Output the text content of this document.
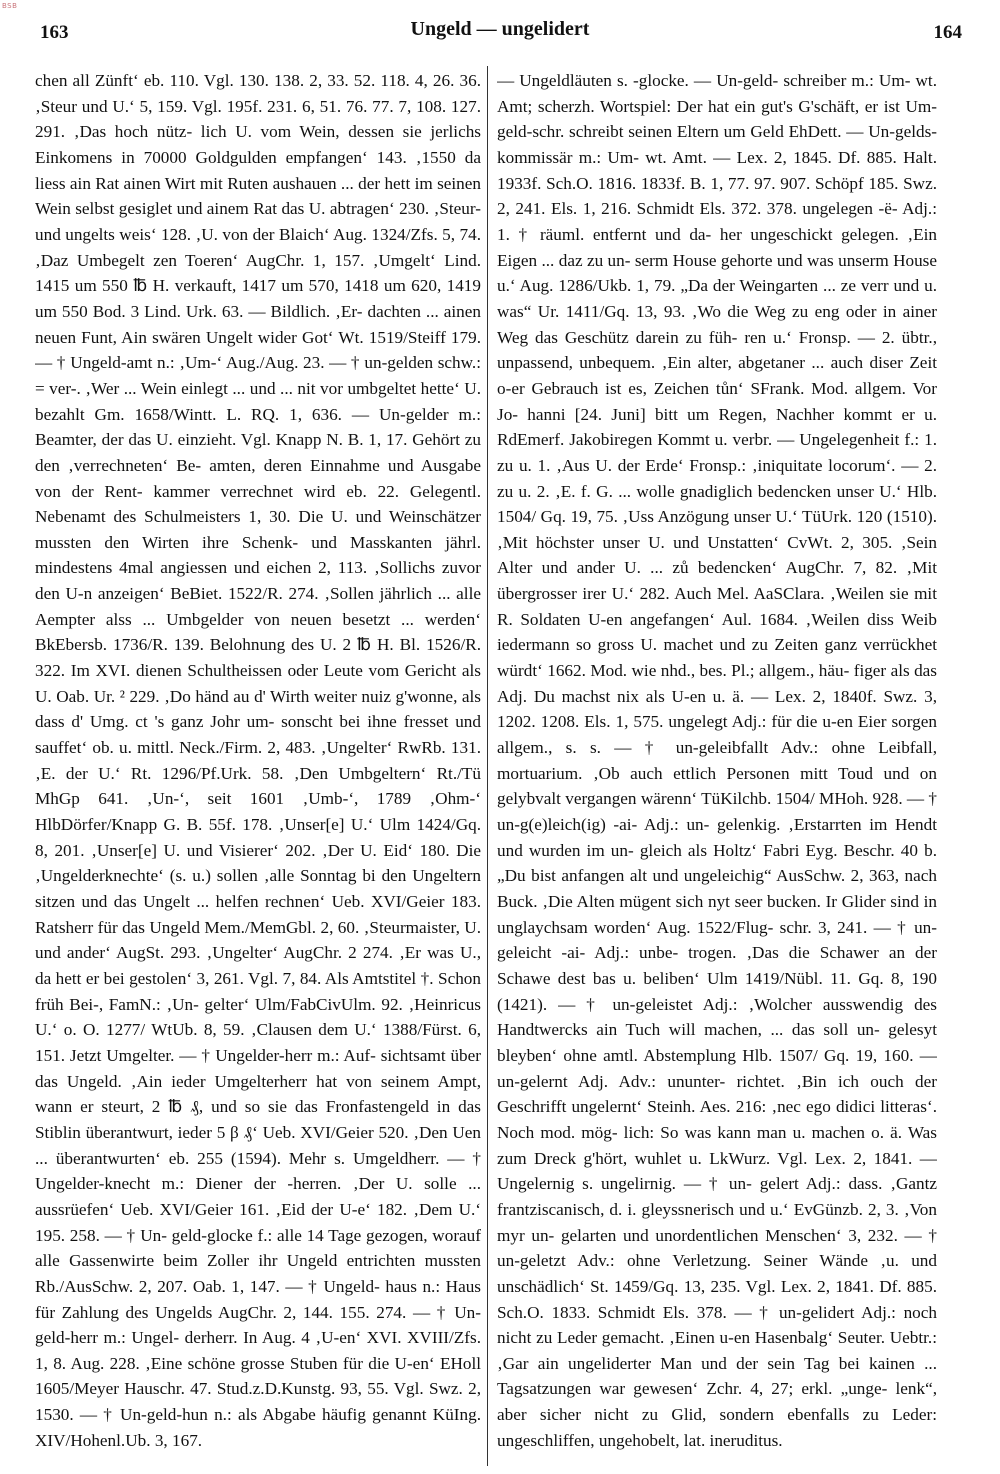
BSB
163	Ungeld — ungelidert	164

chen all Zünft‘ eb. 110. Vgl. 130. 138. 2, 33. 52. 118. 4, 26. 36. ‚Steur und U.‘ 5, 159. Vgl. 195f. 231. 6, 51. 76. 77. 7, 108. 127. 291. ‚Das hoch nütz- lich U. vom Wein, dessen sie jerlichs Einkomens in 70000 Goldgulden empfangen‘ 143. ‚1550 da liess ain Rat ainen Wirt mit Ruten aushauen ... der hett im seinen Wein selbst gesiglet und ainem Rat das U. abtragen‘ 230. ‚Steur- und ungelts weis‘ 128. ‚U. von der Blaich‘ Aug. 1324/Zfs. 5, 74. ‚Daz Umbegelt zen Toeren‘ AugChr. 1, 157. ‚Umgelt‘ Lind. 1415 um 550 ℔ H. verkauft, 1417 um 570, 1418 um 620, 1419 um 550 Bod. 3 Lind. Urk. 63. — Bildlich. ‚Er- dachten ... ainen neuen Funt, Ain swären Ungelt wider Got‘ Wt. 1519/Steiff 179. — † Ungeld-amt n.: ‚Um-‘ Aug./Aug. 23. — † un-gelden schw.: = ver-. ‚Wer ... Wein einlegt ... und ... nit vor umbgeltet hette‘ U. bezahlt Gm. 1658/Wintt. L. RQ. 1, 636. — Un-gelder m.: Beamter, der das U. einzieht. Vgl. Knapp N. B. 1, 17. Gehört zu den ‚verrechneten‘ Be- amten, deren Einnahme und Ausgabe von der Rent- kammer verrechnet wird eb. 22. Gelegentl. Nebenamt des Schulmeisters 1, 30. Die U. und Weinschätzer mussten den Wirten ihre Schenk- und Masskanten jährl. mindestens 4mal angiessen und eichen 2, 113. ‚Sollichs zuvor den U-n anzeigen‘ BeBiet. 1522/R. 274. ‚Sollen jährlich ... alle Aempter alss ... Umbgelder von neuen besetzt ... werden‘ BkEbersb. 1736/R. 139. Belohnung des U. 2 ℔ H. Bl. 1526/R. 322. Im XVI. dienen Schultheissen oder Leute vom Gericht als U. Oab. Ur. ² 229. ‚Do händ au d' Wirth weiter nuiz g'wonne, als dass d' Umg. ct 's ganz Johr um- sonscht bei ihne fresset und sauffet‘ ob. u. mittl. Neck./Firm. 2, 483. ‚Ungelter‘ RwRb. 131. ‚E. der U.‘ Rt. 1296/Pf.Urk. 58. ‚Den Umbgeltern‘ Rt./Tü MhGp 641. ‚Un-‘, seit 1601 ‚Umb-‘, 1789 ‚Ohm-‘ HlbDörfer/Knapp G. B. 55f. 178. ‚Unser[e] U.‘ Ulm 1424/Gq. 8, 201. ‚Unser[e] U. und Visierer‘ 202. ‚Der U. Eid‘ 180. Die ‚Ungelderknechte‘ (s. u.) sollen ‚alle Sonntag bi den Ungeltern sitzen und das Ungelt ... helfen rechnen‘ Ueb. XVI/Geier 183. Ratsherr für das Ungeld Mem./MemGbl. 2, 60. ‚Steurmaister, U. und ander‘ AugSt. 293. ‚Ungelter‘ AugChr. 2 274. ‚Er was U., da hett er bei gestolen‘ 3, 261. Vgl. 7, 84. Als Amtstitel †. Schon früh Bei-, FamN.: ‚Un- gelter‘ Ulm/FabCivUlm. 92. ‚Heinricus U.‘ o. O. 1277/ WtUb. 8, 59. ‚Clausen dem U.‘ 1388/Fürst. 6, 151. Jetzt Umgelter. — † Ungelder-herr m.: Auf- sichtsamt über das Ungeld. ‚Ain ieder Umgelterherr hat von seinem Ampt, wann er steurt, 2 ℔ ₰, und so sie das Fronfastengeld in das Stiblin überantwurt, ieder 5 β ₰‘ Ueb. XVI/Geier 520. ‚Den Uen ... überantwurten‘ eb. 255 (1594). Mehr s. Umgeldherr. — † Ungelder-knecht m.: Diener der -herren. ‚Der U. solle ... aussrüefen‘ Ueb. XVI/Geier 161. ‚Eid der U-e‘ 182. ‚Dem U.‘ 195. 258. — † Un- geld-glocke f.: alle 14 Tage gezogen, worauf alle Gassenwirte beim Zoller ihr Ungeld entrichten mussten Rb./AusSchw. 2, 207. Oab. 1, 147. — † Ungeld- haus n.: Haus für Zahlung des Ungelds AugChr. 2, 144. 155. 274. — † Un-geld-herr m.: Ungel- derherr. In Aug. 4 ‚U-en‘ XVI. XVIII/Zfs. 1, 8. Aug. 228. ‚Eine schöne grosse Stuben für die U-en‘ EHoll 1605/Meyer Hauschr. 47. Stud.z.D.Kunstg. 93, 55. Vgl. Swz. 2, 1530. — † Un-geld-hun n.: als Abgabe häufig genannt KüIng. XIV/Hohenl.Ub. 3, 167.

— Ungeldläuten s. -glocke. — Un-geld- schreiber m.: Um- wt. Amt; scherzh. Wortspiel: Der hat ein gut's G'schäft, er ist Um-geld-schr. schreibt seinen Eltern um Geld EhDett. — Un-gelds- kommissär m.: Um- wt. Amt. — Lex. 2, 1845. Df. 885. Halt. 1933f. Sch.O. 1816. 1833f. B. 1, 77. 97. 907. Schöpf 185. Swz. 2, 241. Els. 1, 216. Schmidt Els. 372. 378. ungelegen -ë- Adj.: 1. † räuml. entfernt und da- her ungeschickt gelegen. ‚Ein Eigen ... daz zu un- serm House gehorte und was unserm House u.‘ Aug. 1286/Ukb. 1, 79. „Da der Weingarten ... ze verr und u. was“ Ur. 1411/Gq. 13, 93. ‚Wo die Weg zu eng oder in ainer Weg das Geschütz darein zu füh- ren u.‘ Fronsp. — 2. übtr., unpassend, unbequem. ‚Ein alter, abgetaner ... auch diser Zeit o-er Gebrauch ist es, Zeichen tůn‘ SFrank. Mod. allgem. Vor Jo- hanni [24. Juni] bitt um Regen, Nachher kommt er u. RdEmerf. Jakobiregen Kommt u. verbr. — Ungelegenheit f.: 1. zu u. 1. ‚Aus U. der Erde‘ Fronsp.: ‚iniquitate locorum‘. — 2. zu u. 2. ‚E. f. G. ... wolle gnadiglich bedencken unser U.‘ Hlb. 1504/ Gq. 19, 75. ‚Uss Anzögung unser U.‘ TüUrk. 120 (1510). ‚Mit höchster unser U. und Unstatten‘ CvWt. 2, 305. ‚Sein Alter und ander U. ... zů bedencken‘ AugChr. 7, 82. ‚Mit übergrosser irer U.‘ 282. Auch Mel. AaSClara. ‚Weilen sie mit R. Soldaten U-en angefangen‘ Aul. 1684. ‚Weilen diss Weib iedermann so gross U. machet und zu Zeiten ganz verrückhet würdt‘ 1662. Mod. wie nhd., bes. Pl.; allgem., häu- figer als das Adj. Du machst nix als U-en u. ä. — Lex. 2, 1840f. Swz. 3, 1202. 1208. Els. 1, 575. ungelegt Adj.: für die u-en Eier sorgen allgem., s. s. — † un-geleibfallt Adv.: ohne Leibfall, mortuarium. ‚Ob auch ettlich Personen mitt Toud und on gelybvalt vergangen wärenn‘ TüKilchb. 1504/ MHoh. 928. — † un-g(e)leich(ig) -ai- Adj.: un- gelenkig. ‚Erstarrten im Hendt und wurden im un- gleich als Holtz‘ Fabri Eyg. Beschr. 40 b. „Du bist anfangen alt und ungeleichig“ AusSchw. 2, 363, nach Buck. ‚Die Alten mügent sich nyt seer bucken. Ir Glider sind in unglaychsam worden‘ Aug. 1522/Flug- schr. 3, 241. — † un-geleicht -ai- Adj.: unbe- trogen. ‚Das die Schawer an der Schawe dest bas u. beliben‘ Ulm 1419/Nübl. 11. Gq. 8, 190 (1421). — † un-geleistet Adj.: ‚Wolcher ausswendig des Handtwercks ain Tuch will machen, ... das soll un- gelesyt bleyben‘ ohne amtl. Abstemplung Hlb. 1507/ Gq. 19, 160. — un-gelernt Adj. Adv.: ununter- richtet. ‚Bin ich ouch der Geschrifft ungelernt‘ Steinh. Aes. 216: ‚nec ego didici litteras‘. Noch mod. mög- lich: So was kann man u. machen o. ä. Was zum Dreck g'hört, wuhlet u. LkWurz. Vgl. Lex. 2, 1841. — Ungelernig s. ungelirnig. — † un- gelert Adj.: dass. ‚Gantz frantziscanisch, d. i. gleyssnerisch und u.‘ EvGünzb. 2, 3. ‚Von myr un- gelarten und unordentlichen Menschen‘ 3, 232. — † un-geletzt Adv.: ohne Verletzung. Seiner Wände ‚u. und unschädlich‘ St. 1459/Gq. 13, 235. Vgl. Lex. 2, 1841. Df. 885. Sch.O. 1833. Schmidt Els. 378. — † un-gelidert Adj.: noch nicht zu Leder gemacht. ‚Einen u-en Hasenbalg‘ Seuter. Uebtr.: ‚Gar ain ungeliderter Man und der sein Tag bei kainen ... Tagsatzungen war gewesen‘ Zchr. 4, 27; erkl. „unge- lenk“, aber sicher nicht zu Glid, sondern ebenfalls zu Leder: ungeschliffen, ungehobelt, lat. ineruditus.
